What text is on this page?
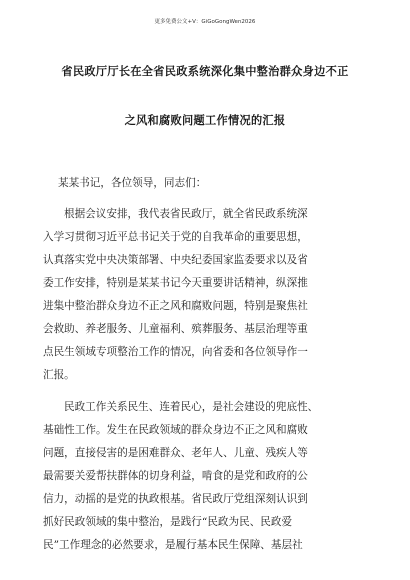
更多免费公文+V：GiGoGongWen2026
省民政厅厅长在全省民政系统深化集中整治群众身边不正
之风和腐败问题工作情况的汇报
某某书记，各位领导，同志们：
根据会议安排，我代表省民政厅，就全省民政系统深
入学习贯彻习近平总书记关于党的自我革命的重要思想，
认真落实党中央决策部署、中央纪委国家监委要求以及省
委工作安排，特别是某某书记今天重要讲话精神，纵深推
进集中整治群众身边不正之风和腐败问题，特别是聚焦社
会救助、养老服务、儿童福利、殡葬服务、基层治理等重
点民生领域专项整治工作的情况，向省委和各位领导作一
汇报。
民政工作关系民生、连着民心，是社会建设的兜底性、
基础性工作。发生在民政领域的群众身边不正之风和腐败
问题，直接侵害的是困难群众、老年人、儿童、残疾人等
最需要关爱帮扶群体的切身利益，啃食的是党和政府的公
信力，动摇的是党的执政根基。省民政厅党组深刻认识到
抓好民政领域的集中整治，是践行“民政为民、民政爱
民”工作理念的必然要求，是履行基本民生保障、基层社
